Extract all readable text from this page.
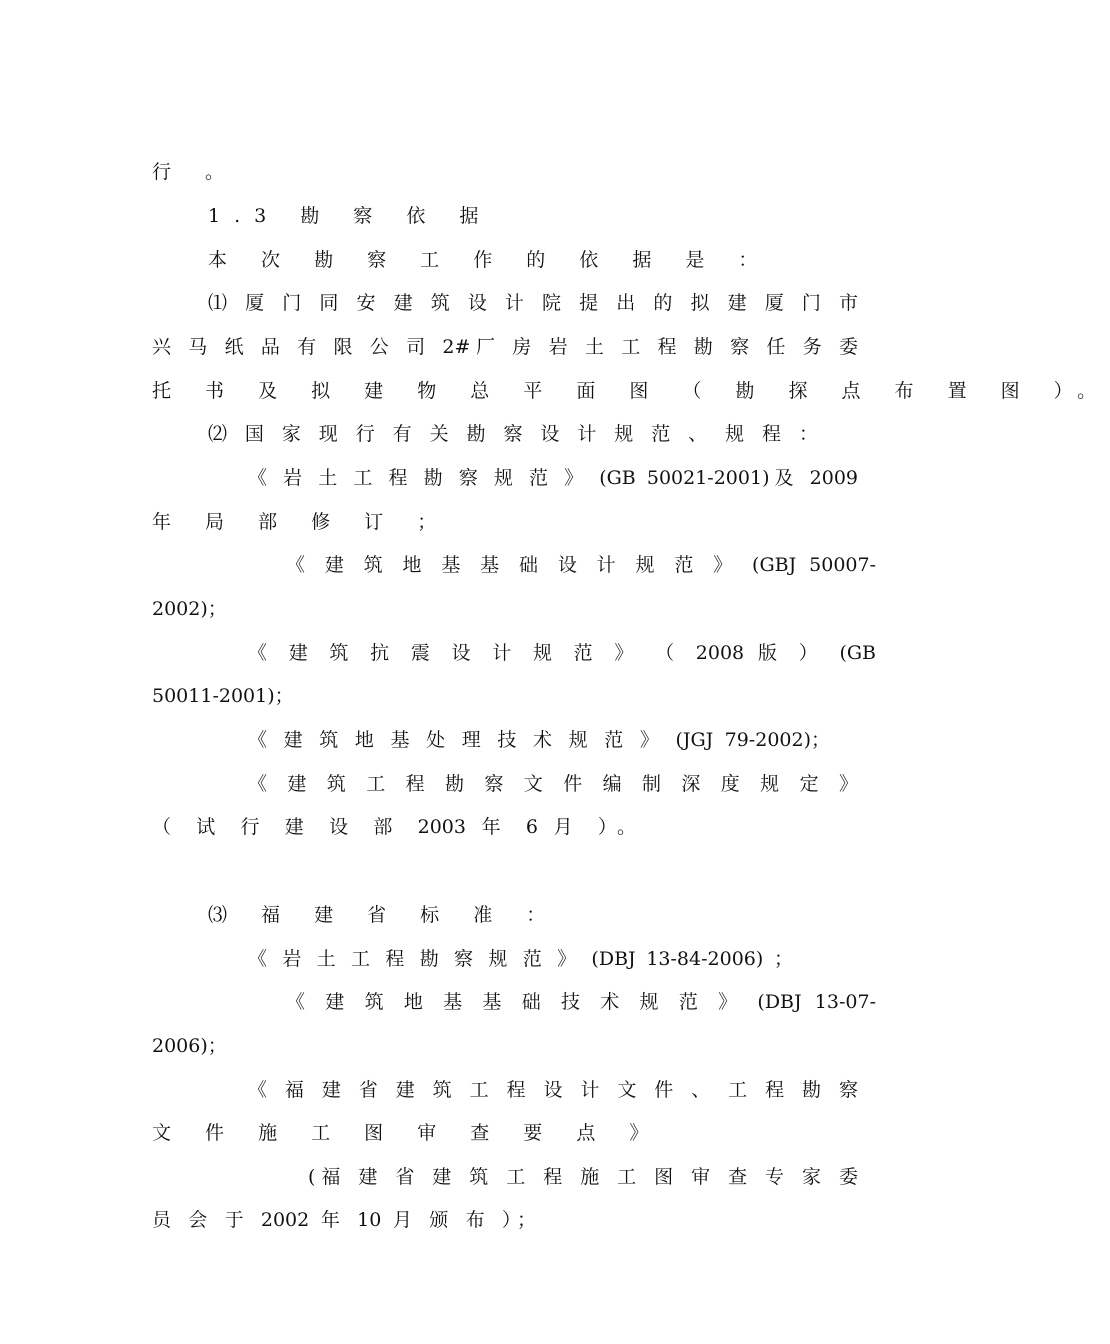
行 。
1.3 勘 察 依 据
本 次 勘 察 工 作 的 依 据 是 ：
⑴ 厦 门 同 安 建 筑 设 计 院 提 出 的 拟 建 厦 门 市
兴 马 纸 品 有 限 公 司 2#厂 房 岩 土 工 程 勘 察 任 务 委
托 书 及 拟 建 物 总 平 面 图 （ 勘 探 点 布 置 图 ）。
⑵ 国 家 现 行 有 关 勘 察 设 计 规 范 、 规 程 ：
《 岩 土 工 程 勘 察 规 范 》 (GB 50021-2001)及 2009
年 局 部 修 订 ；
《 建 筑 地 基 基 础 设 计 规 范 》 (GBJ 50007-
2002)；
《 建 筑 抗 震 设 计 规 范 》 （ 2008 版 ） (GB
50011-2001)；
《 建 筑 地 基 处 理 技 术 规 范 》 (JGJ 79-2002)；
《 建 筑 工 程 勘 察 文 件 编 制 深 度 规 定 》
（ 试 行 建 设 部 2003 年 6 月 ）。
⑶ 福 建 省 标 准 ：
《 岩 土 工 程 勘 察 规 范 》 (DBJ 13-84-2006) ；
《 建 筑 地 基 基 础 技 术 规 范 》 (DBJ 13-07-
2006)；
《 福 建 省 建 筑 工 程 设 计 文 件 、 工 程 勘 察
文 件 施 工 图 审 查 要 点 》
(福 建 省 建 筑 工 程 施 工 图 审 查 专 家 委
员 会 于 2002 年 10 月 颁 布 ）；
